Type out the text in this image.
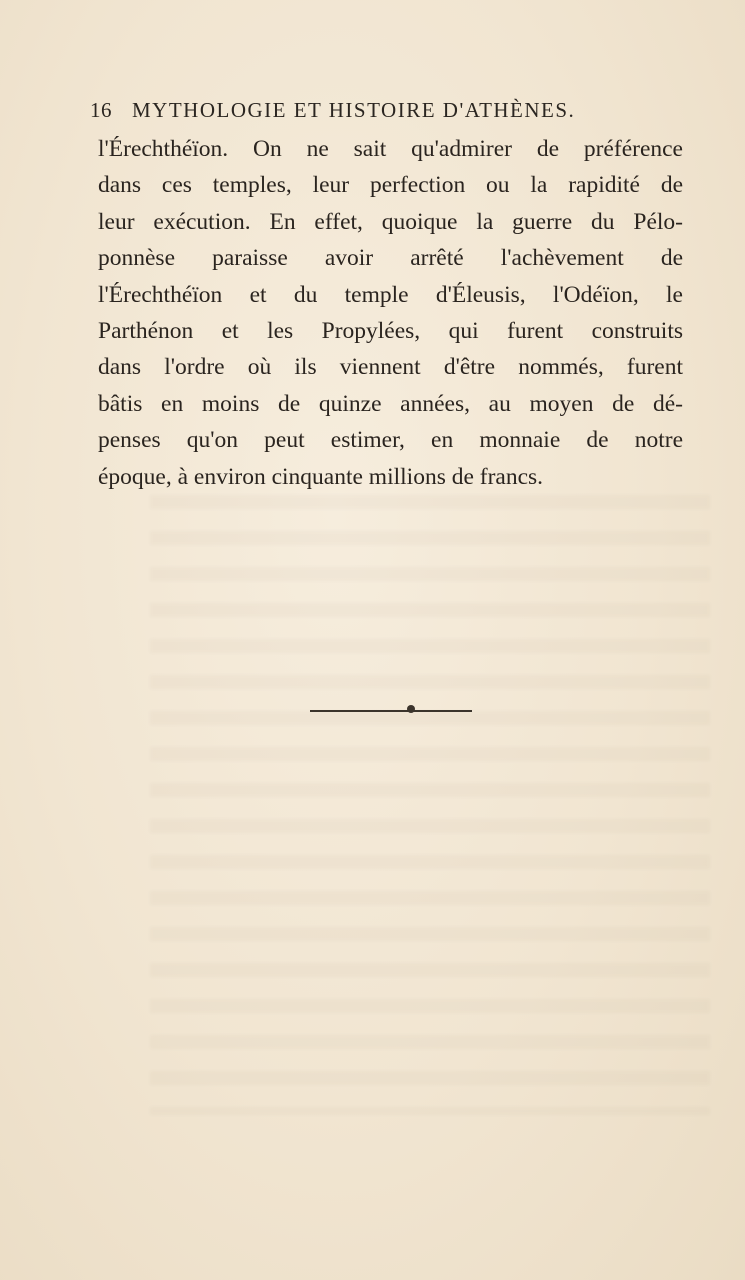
16 MYTHOLOGIE ET HISTOIRE D'ATHÈNES.
l'Érechthéïon. On ne sait qu'admirer de préférence
dans ces temples, leur perfection ou la rapidité de
leur exécution. En effet, quoique la guerre du Pélo-
ponnèse paraisse avoir arrêté l'achèvement de
l'Érechthéïon et du temple d'Éleusis, l'Odéïon, le
Parthénon et les Propylées, qui furent construits
dans l'ordre où ils viennent d'être nommés, furent
bâtis en moins de quinze années, au moyen de dé-
penses qu'on peut estimer, en monnaie de notre
époque, à environ cinquante millions de francs.
